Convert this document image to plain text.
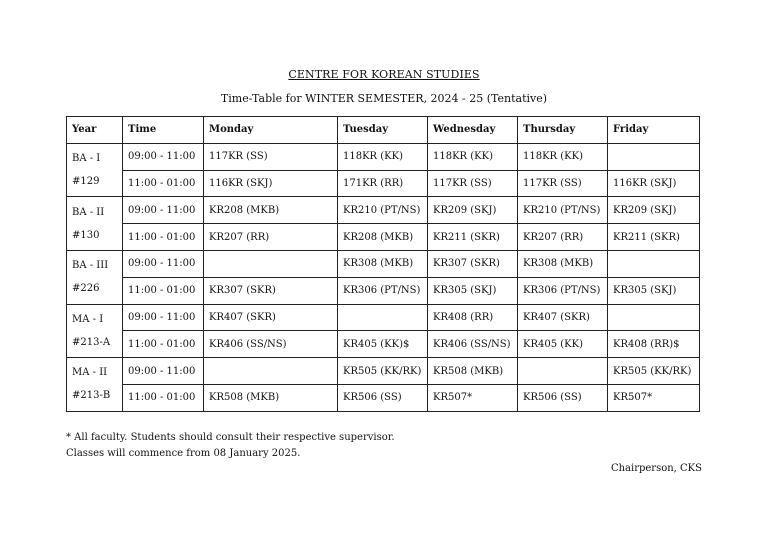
CENTRE FOR KOREAN STUDIES
Time-Table for WINTER SEMESTER, 2024 - 25 (Tentative)
Year	Time	Monday	Tuesday	Wednesday	Thursday	Friday
BA - I
#129	09:00 - 11:00	117KR (SS)	118KR (KK)	118KR (KK)	118KR (KK)	
	11:00 - 01:00	116KR (SKJ)	171KR (RR)	117KR (SS)	117KR (SS)	116KR (SKJ)
BA - II
#130	09:00 - 11:00	KR208 (MKB)	KR210 (PT/NS)	KR209 (SKJ)	KR210 (PT/NS)	KR209 (SKJ)
	11:00 - 01:00	KR207 (RR)	KR208 (MKB)	KR211 (SKR)	KR207 (RR)	KR211 (SKR)
BA - III
#226	09:00 - 11:00		KR308 (MKB)	KR307 (SKR)	KR308 (MKB)	
	11:00 - 01:00	KR307 (SKR)	KR306 (PT/NS)	KR305 (SKJ)	KR306 (PT/NS)	KR305 (SKJ)
MA - I
#213-A	09:00 - 11:00	KR407 (SKR)		KR408 (RR)	KR407 (SKR)	
	11:00 - 01:00	KR406 (SS/NS)	KR405 (KK)$	KR406 (SS/NS)	KR405 (KK)	KR408 (RR)$
MA - II
#213-B	09:00 - 11:00		KR505 (KK/RK)	KR508 (MKB)		KR505 (KK/RK)
	11:00 - 01:00	KR508 (MKB)	KR506 (SS)	KR507*	KR506 (SS)	KR507*
* All faculty. Students should consult their respective supervisor.
Classes will commence from 08 January 2025.
Chairperson, CKS
